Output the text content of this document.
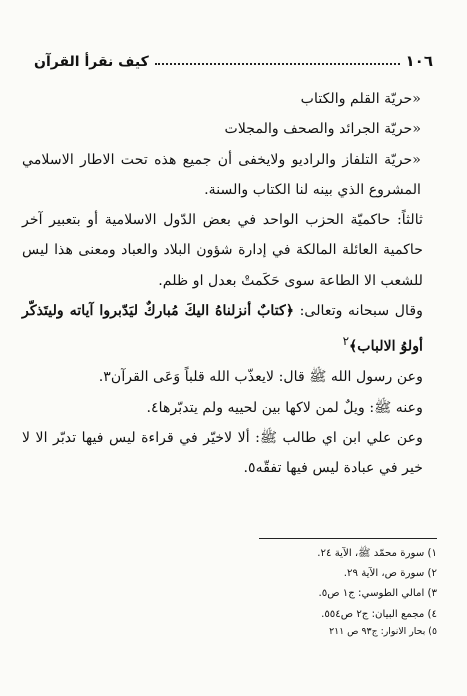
١٠٦
كيف نقرأ القرآن

«حريّة القلم والكتاب

«حريّة الجرائد والصحف والمجلات

«حريّة التلفاز والراديو ولايخفى أن جميع هذه تحت الاطار الاسلامي المشروع الذي بينه لنا الكتاب والسنة.

ثالثاً: حاكميّة الحزب الواحد في بعض الدّول الاسلامية أو بتعبير آخر حاكمية العائلة المالكة في إدارة شؤون البلاد والعباد ومعنى هذا ليس للشعب الا الطاعة سوى حَكَمتْ بعدل او ظلم.

وقال سبحانه وتعالى: ﴿كتابٌ أنزلناهُ اليكَ مُباركٌ ليَدّبروا آياته وليتَذكّر أولوُ الالباب﴾$^٢$

وعن رسول الله ﷺ قال: لايعذّب الله قلباً وَعَى القرآن٣.

وعنه ﷺ: ويلٌ لمن لاكها بين لحييه ولم يتدبّرها٤.

وعن علي ابن اي طالب ﷺ: ألا لاخيّر في قراءة ليس فيها تدبّر الا لا خير في عبادة ليس فيها تفقّه٥.

١) سورة محمّد ﷺ، الآية ٢٤.

٢) سورة ص، الآية ٢٩.

٣) امالي الطوسي: ج١ ص٥.

٤) مجمع البيان: ج٢ ص٥٥٤.

٥) بحار الانوار: ج٩٣ ص ٢١١
